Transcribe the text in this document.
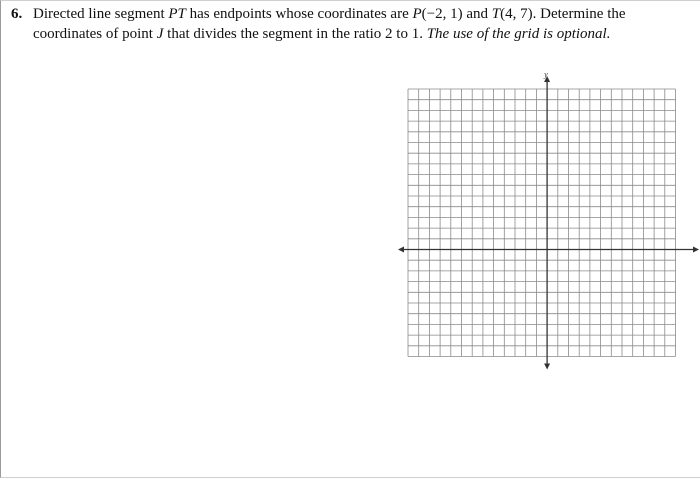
6. Directed line segment PT has endpoints whose coordinates are P(−2, 1) and T(4, 7). Determine the
coordinates of point J that divides the segment in the ratio 2 to 1. The use of the grid is optional.
y
